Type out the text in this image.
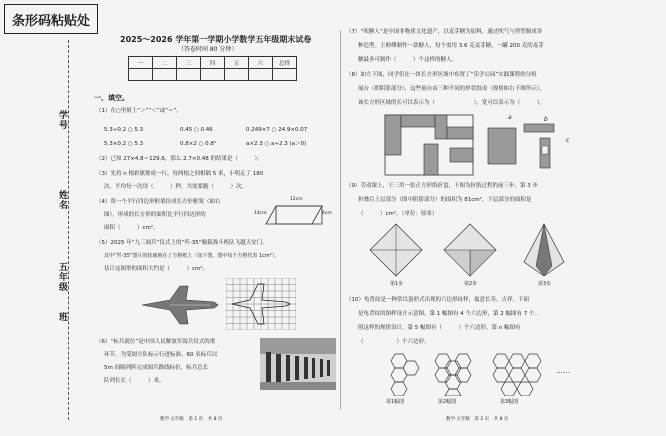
条形码粘贴处
学号
姓名
五年级　　班
2025～2026 学年第一学期小学数学五年级期末试卷
（答卷时间 80 分钟）
一	二	三	四	五	六	总得

一、填空。
（1）在○里填上“＞”“＜”或“＝”。
5.3÷0.2 ○ 5.3	0.45 ○ 0.46	0.249×7 ○ 24.9×0.07
5.3×0.2 ○ 5.3	0.8×2 ○ 0.8²	a×2.3 ○ a÷2.3 (a＞0)
（2）已知 27×4.8＝129.6，那么 2.7×0.48 的结果是（　　　）。
（3）先将 n 根彩旗排成一行，每两根之间相隔 5 米，小明走了 180
次。平均每一次用（　　　）秒，共需要跑（　　　）次。
（4）将一个平行四边形框架拉成长方形框架（如右
图），形成的长方形的面积比平行四边形的
面积（　　　）cm²。
14cm
12cm
6cm
（5）2025 年“九三阅兵”仪式上的“歼-35”舰载战斗机队飞越天安门。
其中“歼-35”图片的轮廓画在了方格纸上（如下图，图中每个方格代表 1cm²），
估计这图形的面积大约是（　　　）cm²。
（6）“标兵就位”是中国人民解放军阅兵仪式的重
环节，为受阅方队标示行进标准。60 名标兵以
5m 间隔列阵完成阅兵路线标位，标兵总长
队列长长（　　　）米。
数学·五年级　第 1 页　共 8 页
（7）“吹糖人”是中国非物质文化遗产，以麦芽糖为原料，通过吹气与捏塑制成各
种造型。王师傅制作一款糖人，每个需用 3.6 克麦芽糖，一罐 200 克的麦芽
糖最多可制作（　　　）个这样的糖人。
（8）如左下图，同学们在一块长方形区域中布置了“乐学公园”实践课程的分组
展台（即阴影部分），这些展台由三种不同的形状组成（规格如右下图所示），
该长方形区域的长可以表示为（　　　　　　　），宽可以表示为（　　　）。
a	b
c
（9）劳动课上，王三用一张正方形纸折盒，下图为折纸过程的前三步，第 3 步
折叠后上层部分（图中阴影部分）的面积为 81cm²，下层部分的面积是
（　　　）cm²。（单位：厘米）
第1步	第2步	第3步
（10）龟背纹是一种常以蛋形式出现的六边形纹样，寓意长寿、吉祥。下面
是龟背纹的图样设计示意图，第 1 幅图有 4 个六边形，第 2 幅图有 7 个。
照这样的规律设计，第 5 幅图有（　　　）个六边形，第 n 幅图有
（　　　　　　）个六边形。
……
第1幅图	第2幅图	第3幅图
数学·五年级　第 2 页　共 8 页
